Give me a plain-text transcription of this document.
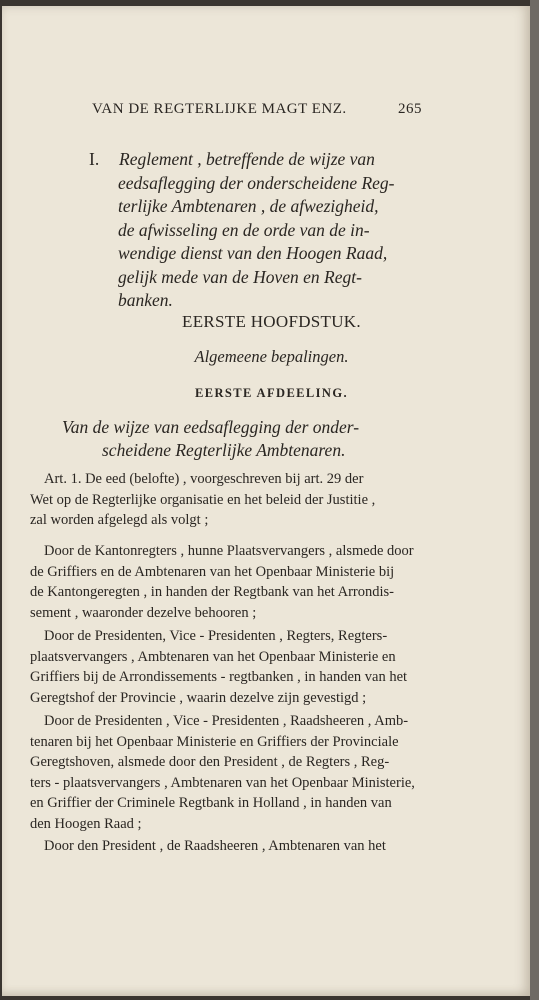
VAN DE REGTERLIJKE MAGT ENZ.	265
I.	Reglement , betreffende de wijze van
eedsaflegging der onderscheidene Reg-
terlijke Ambtenaren , de afwezigheid,
de afwisseling en de orde van de in-
wendige dienst van den Hoogen Raad,
gelijk mede van de Hoven en Regt-
banken.
EERSTE HOOFDSTUK.
Algemeene bepalingen.
EERSTE AFDEELING.
Van de wijze van eedsaflegging der onder-
scheidene Regterlijke Ambtenaren.
Art. 1. De eed (belofte) , voorgeschreven bij art. 29 der
Wet op de Regterlijke organisatie en het beleid der Justitie ,
zal worden afgelegd als volgt ;
Door de Kantonregters , hunne Plaatsvervangers , alsmede door
de Griffiers en de Ambtenaren van het Openbaar Ministerie bij
de Kantongeregten , in handen der Regtbank van het Arrondis-
sement , waaronder dezelve behooren ;
Door de Presidenten, Vice - Presidenten , Regters, Regters-
plaatsvervangers , Ambtenaren van het Openbaar Ministerie en
Griffiers bij de Arrondissements - regtbanken , in handen van het
Geregtshof der Provincie , waarin dezelve zijn gevestigd ;
Door de Presidenten , Vice - Presidenten , Raadsheeren , Amb-
tenaren bij het Openbaar Ministerie en Griffiers der Provinciale
Geregtshoven, alsmede door den President , de Regters , Reg-
ters - plaatsvervangers , Ambtenaren van het Openbaar Ministerie,
en Griffier der Criminele Regtbank in Holland , in handen van
den Hoogen Raad ;
Door den President , de Raadsheeren , Ambtenaren van het
